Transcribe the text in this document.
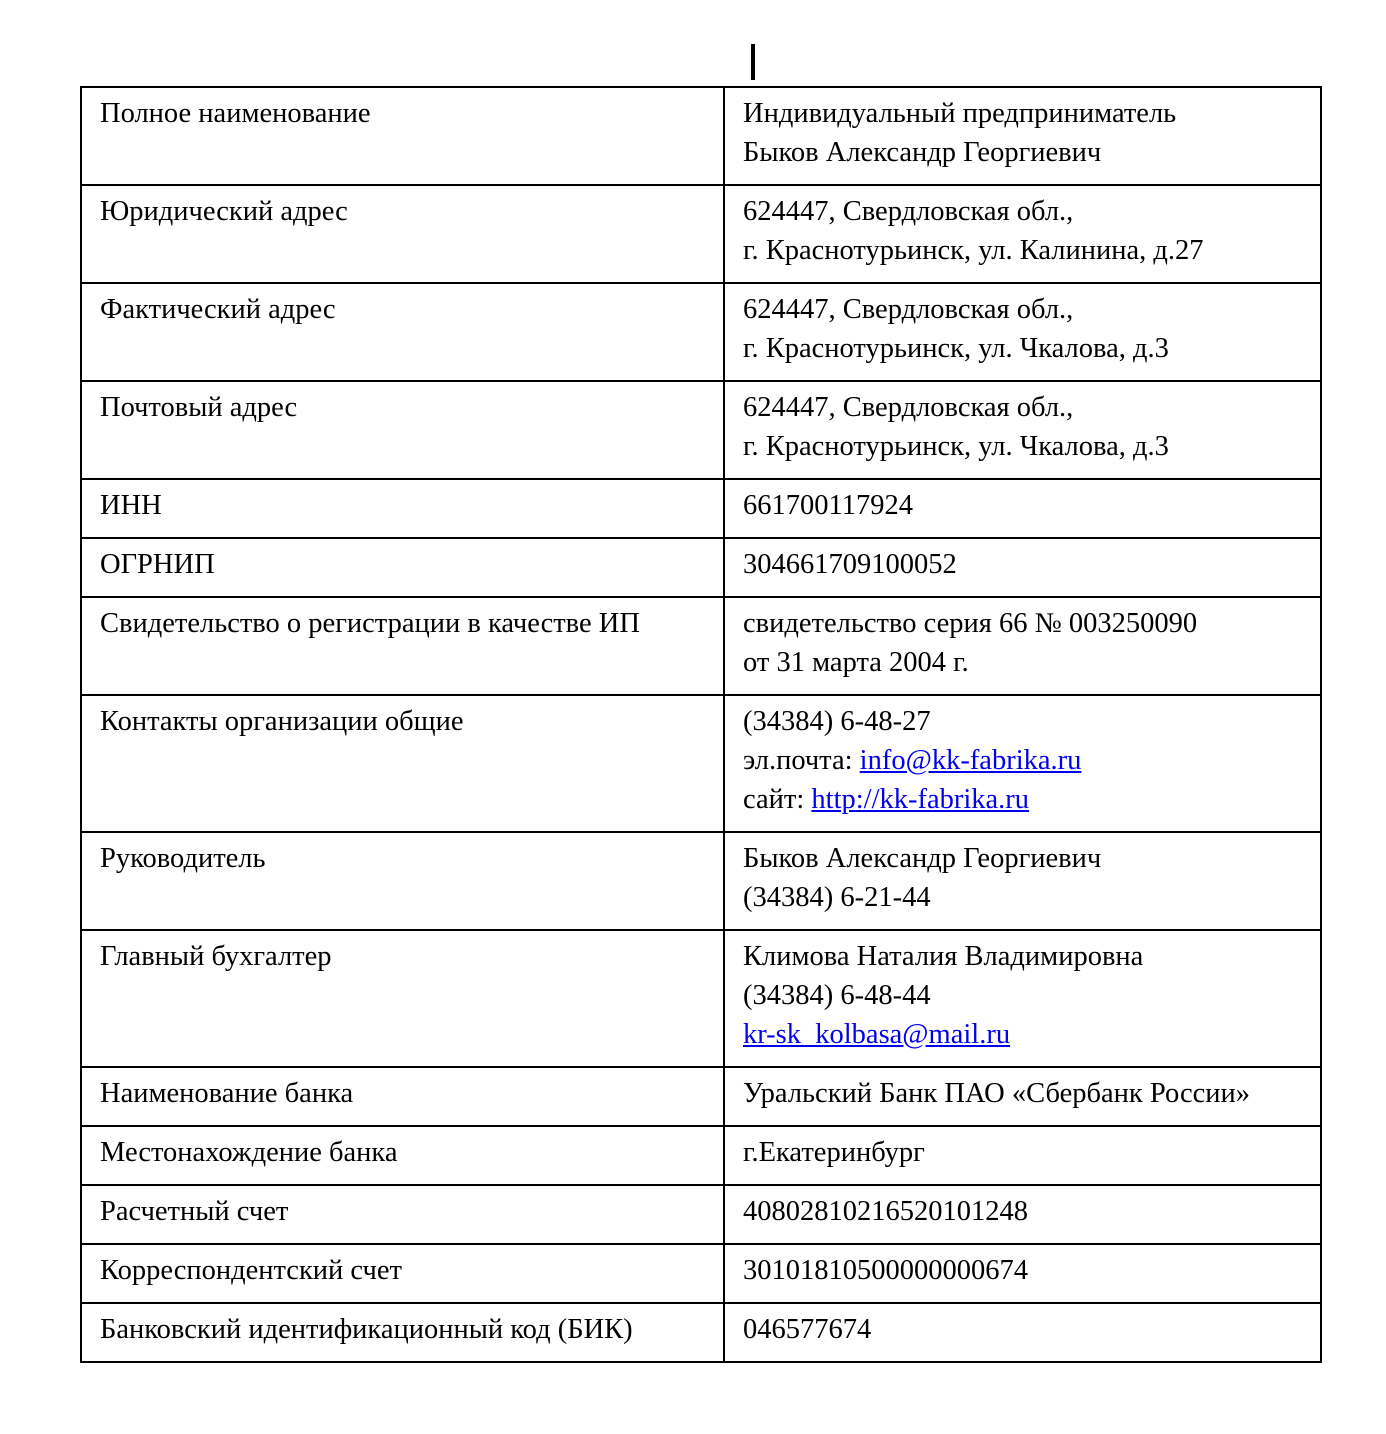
Полное наименование	Индивидуальный предприниматель
Быков Александр Георгиевич

Юридический адрес	624447, Свердловская обл.,
г. Краснотурьинск, ул. Калинина, д.27

Фактический адрес	624447, Свердловская обл.,
г. Краснотурьинск, ул. Чкалова, д.3

Почтовый адрес	624447, Свердловская обл.,
г. Краснотурьинск, ул. Чкалова, д.3

ИНН	661700117924

ОГРНИП	304661709100052

Свидетельство о регистрации в качестве ИП	свидетельство серия 66 № 003250090
от 31 марта 2004 г.

Контакты организации общие	(34384) 6-48-27
эл.почта: info@kk-fabrika.ru
сайт: http://kk-fabrika.ru

Руководитель	Быков Александр Георгиевич
(34384) 6-21-44

Главный бухгалтер	Климова Наталия Владимировна
(34384) 6-48-44
kr-sk_kolbasa@mail.ru

Наименование банка	Уральский Банк ПАО «Сбербанк России»

Местонахождение банка	г.Екатеринбург

Расчетный счет	40802810216520101248

Корреспондентский счет	30101810500000000674

Банковский идентификационный код (БИК)	046577674
